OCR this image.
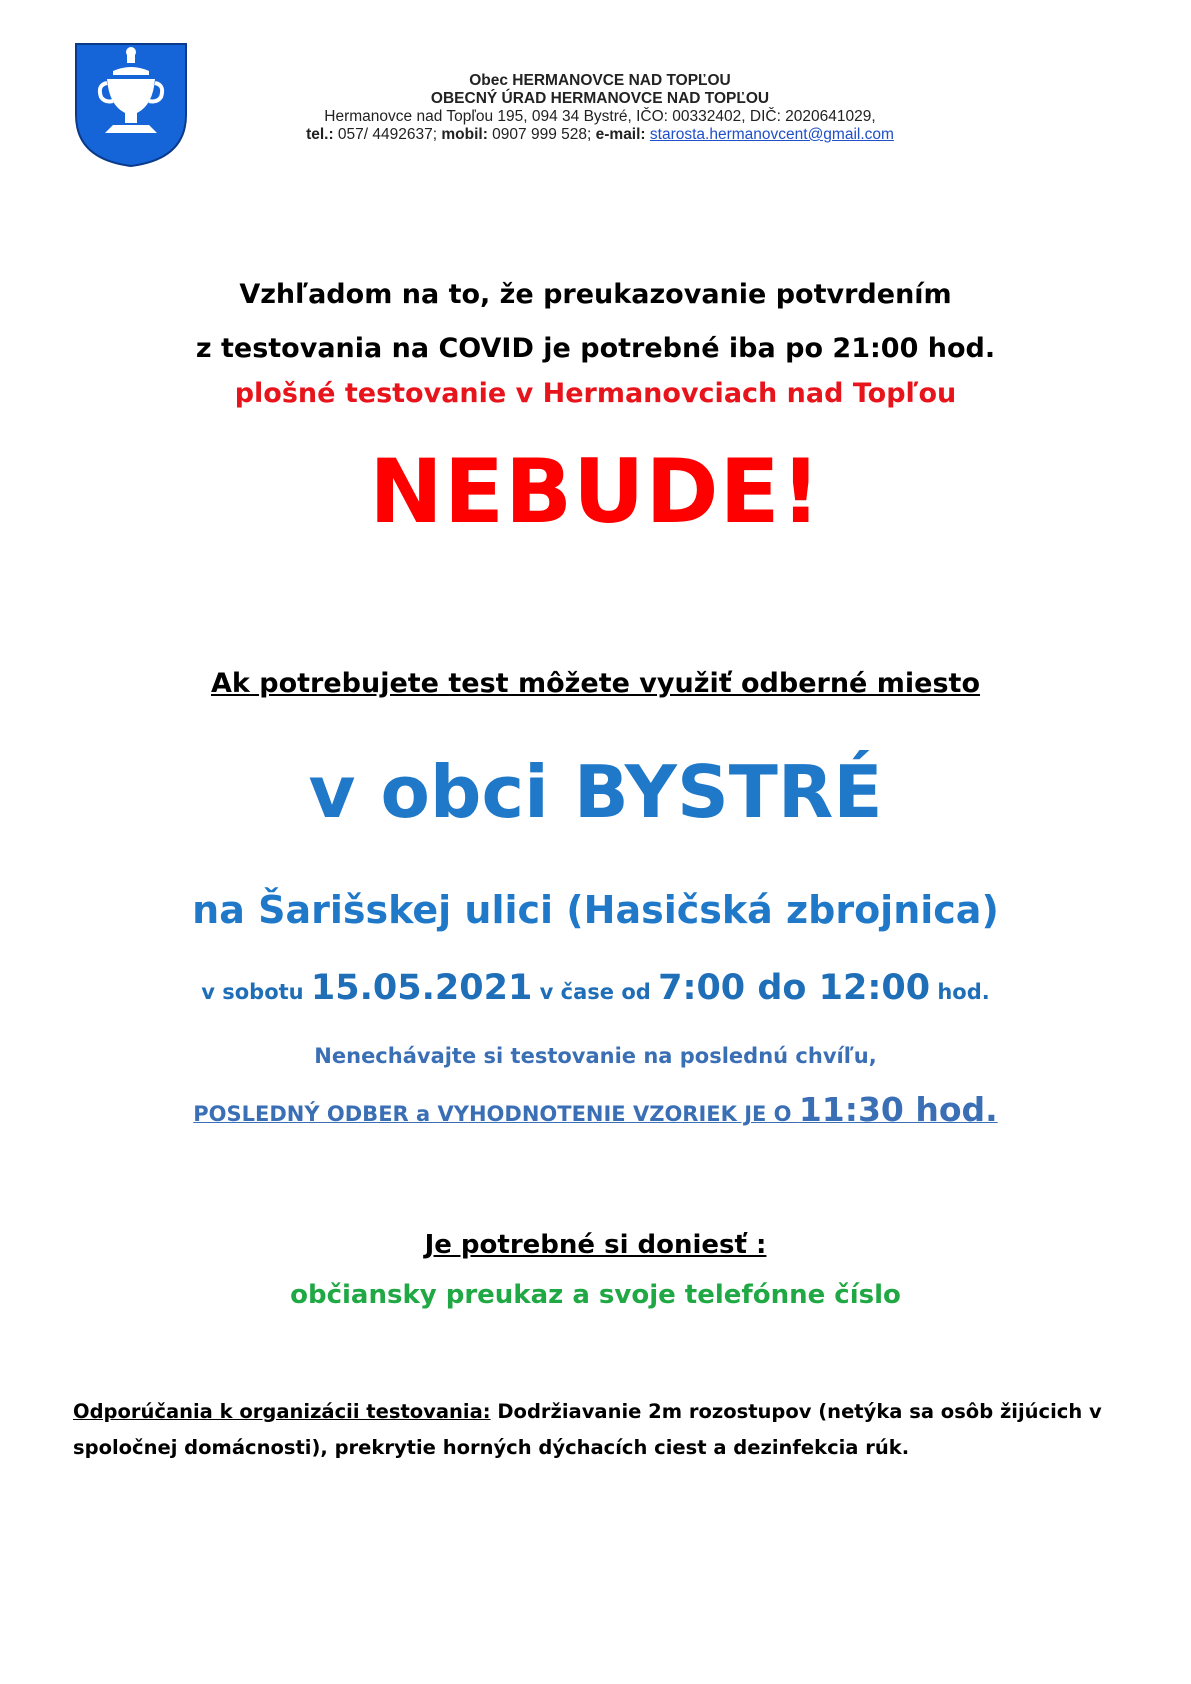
Obec HERMANOVCE NAD TOPĽOU
OBECNÝ ÚRAD HERMANOVCE NAD TOPĽOU
Hermanovce nad Topľou 195, 094 34 Bystré, IČO: 00332402, DIČ: 2020641029,
tel.: 057/ 4492637; mobil: 0907 999 528; e-mail: starosta.hermanovcent@gmail.com
Vzhľadom na to, že preukazovanie potvrdením
z testovania na COVID je potrebné iba po 21:00 hod.
plošné testovanie v Hermanovciach nad Topľou
NEBUDE!
Ak potrebujete test môžete využiť odberné miesto
v obci BYSTRÉ
na Šarišskej ulici (Hasičská zbrojnica)
v sobotu 15.05.2021 v čase od 7:00 do 12:00 hod.
Nenechávajte si testovanie na poslednú chvíľu,
POSLEDNÝ ODBER a VYHODNOTENIE VZORIEK JE O 11:30 hod.
Je potrebné si doniesť :
občiansky preukaz a svoje telefónne číslo
Odporúčania k organizácii testovania: Dodržiavanie 2m rozostupov (netýka sa osôb žijúcich v spoločnej domácnosti), prekrytie horných dýchacích ciest a dezinfekcia rúk.
